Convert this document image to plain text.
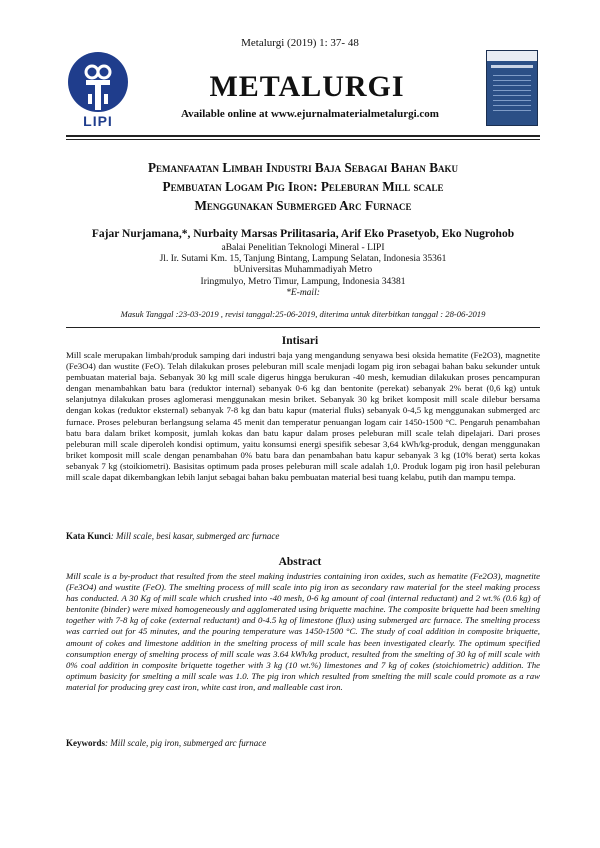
Metalurgi (2019) 1: 37- 48
LIPI
METALURGI
Available online at www.ejurnalmaterialmetalurgi.com
Pemanfaatan Limbah Industri Baja Sebagai Bahan Baku
Pembuatan Logam Pig Iron: Peleburan Mill scale
Menggunakan Submerged Arc Furnace
Fajar Nurjamana,*, Nurbaity Marsas Prilitasaria, Arif Eko Prasetyob, Eko Nugrohob
aBalai Penelitian Teknologi Mineral - LIPI
Jl. Ir. Sutami Km. 15, Tanjung Bintang, Lampung Selatan, Indonesia 35361
bUniversitas Muhammadiyah Metro
Iringmulyo, Metro Timur, Lampung, Indonesia 34381
*E-mail:
Masuk Tanggal :23-03-2019 , revisi tanggal:25-06-2019, diterima untuk diterbitkan tanggal : 28-06-2019
Intisari
Mill scale merupakan limbah/produk samping dari industri baja yang mengandung senyawa besi oksida hematite (Fe2O3), magnetite (Fe3O4) dan wustite (FeO). Telah dilakukan proses peleburan mill scale menjadi logam pig iron sebagai bahan baku sekunder untuk pembuatan material baja. Sebanyak 30 kg mill scale digerus hingga berukuran -40 mesh, kemudian dilakukan proses pencampuran dengan menambahkan batu bara (reduktor internal) sebanyak 0-6 kg dan bentonite (perekat) sebanyak 2% berat (0,6 kg) untuk selanjutnya dilakukan proses aglomerasi menggunakan mesin briket. Sebanyak 30 kg briket komposit mill scale dilebur bersama dengan kokas (reduktor eksternal) sebanyak 7-8 kg dan batu kapur (material fluks) sebanyak 0-4,5 kg menggunakan submerged arc furnace. Proses peleburan berlangsung selama 45 menit dan temperatur penuangan logam cair 1450-1500 °C. Pengaruh penambahan batu bara dalam briket komposit, jumlah kokas dan batu kapur dalam proses peleburan mill scale telah dipelajari. Dari proses peleburan mill scale diperoleh kondisi optimum, yaitu konsumsi energi spesifik sebesar 3,64 kWh/kg-produk, dengan menggunakan briket komposit mill scale dengan penambahan 0% batu bara dan penambahan batu kapur sebanyak 3 kg (10% berat) serta kokas sebanyak 7 kg (stoikiometri). Basisitas optimum pada proses peleburan mill scale adalah 1,0. Produk logam pig iron hasil peleburan mill scale dapat dikembangkan lebih lanjut sebagai bahan baku pembuatan material besi tuang kelabu, putih dan mampu tempa.
Kata Kunci: Mill scale, besi kasar, submerged arc furnace
Abstract
Mill scale is a by-product that resulted from the steel making industries containing iron oxides, such as hematite (Fe2O3), magnetite (Fe3O4) and wustite (FeO). The smelting process of mill scale into pig iron as secondary raw material for the steel making process has conducted. A 30 Kg of mill scale which crushed into -40 mesh, 0-6 kg amount of coal (internal reductant) and 2 wt.% (0.6 kg) of bentonite (binder) were mixed homogeneously and agglomerated using briquette machine. The composite briquette had been smelting together with 7-8 kg of coke (external reductant) and 0-4.5 kg of limestone (flux) using submerged arc furnace. The smelting process was carried out for 45 minutes, and the pouring temperature was 1450-1500 °C. The study of coal addition in composite briquette, amount of cokes and limestone addition in the smelting process of mill scale has been investigated clearly. The optimum specified consumption energy of smelting process of mill scale was 3.64 kWh/kg product, resulted from the smelting of 30 kg of mill scale with 0% coal addition in composite briquette together with 3 kg (10 wt.%) limestones and 7 kg of cokes (stoichiometric) addition. The optimum basicity for smelting a mill scale was 1.0. The pig iron which resulted from smelting the mill scale could promote as a raw material for producing grey cast iron, white cast iron, and malleable cast iron.
Keywords: Mill scale, pig iron, submerged arc furnace
